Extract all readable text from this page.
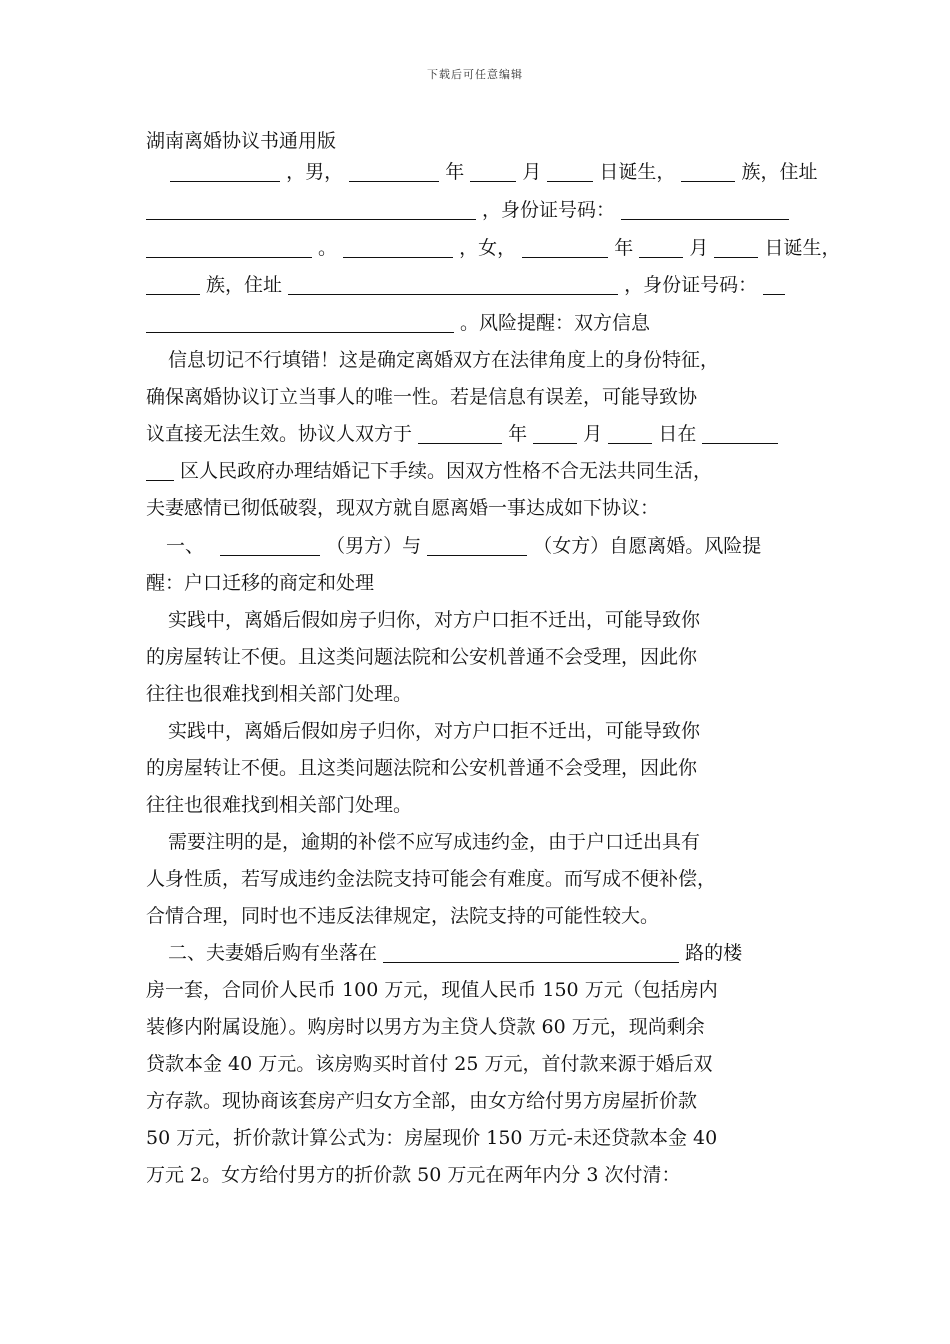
下载后可任意编辑
湖南离婚协议书通用版
，男，	年	月	日诞生，	族，住址
，身份证号码：
。	，女，	年	月	日诞生，
族，住址	，身份证号码：
。风险提醒：双方信息
信息切记不行填错！这是确定离婚双方在法律角度上的身份特征，
确保离婚协议订立当事人的唯一性。若是信息有误差，可能导致协
议直接无法生效。协议人双方于	年	月	日在
区人民政府办理结婚记下手续。因双方性格不合无法共同生活，
夫妻感情已彻低破裂，现双方就自愿离婚一事达成如下协议：
一、	（男方）与	（女方）自愿离婚。风险提
醒：户口迁移的商定和处理
实践中，离婚后假如房子归你，对方户口拒不迁出，可能导致你
的房屋转让不便。且这类问题法院和公安机普通不会受理，因此你
往往也很难找到相关部门处理。
实践中，离婚后假如房子归你，对方户口拒不迁出，可能导致你
的房屋转让不便。且这类问题法院和公安机普通不会受理，因此你
往往也很难找到相关部门处理。
需要注明的是，逾期的补偿不应写成违约金，由于户口迁出具有
人身性质，若写成违约金法院支持可能会有难度。而写成不便补偿，
合情合理，同时也不违反法律规定，法院支持的可能性较大。
二、夫妻婚后购有坐落在	路的楼
房一套，合同价人民币 100 万元，现值人民币 150 万元（包括房内
装修内附属设施）。购房时以男方为主贷人贷款 60 万元，现尚剩余
贷款本金 40 万元。该房购买时首付 25 万元，首付款来源于婚后双
方存款。现协商该套房产归女方全部，由女方给付男方房屋折价款
50 万元，折价款计算公式为：房屋现价 150 万元-未还贷款本金 40
万元 2。女方给付男方的折价款 50 万元在两年内分 3 次付清：
